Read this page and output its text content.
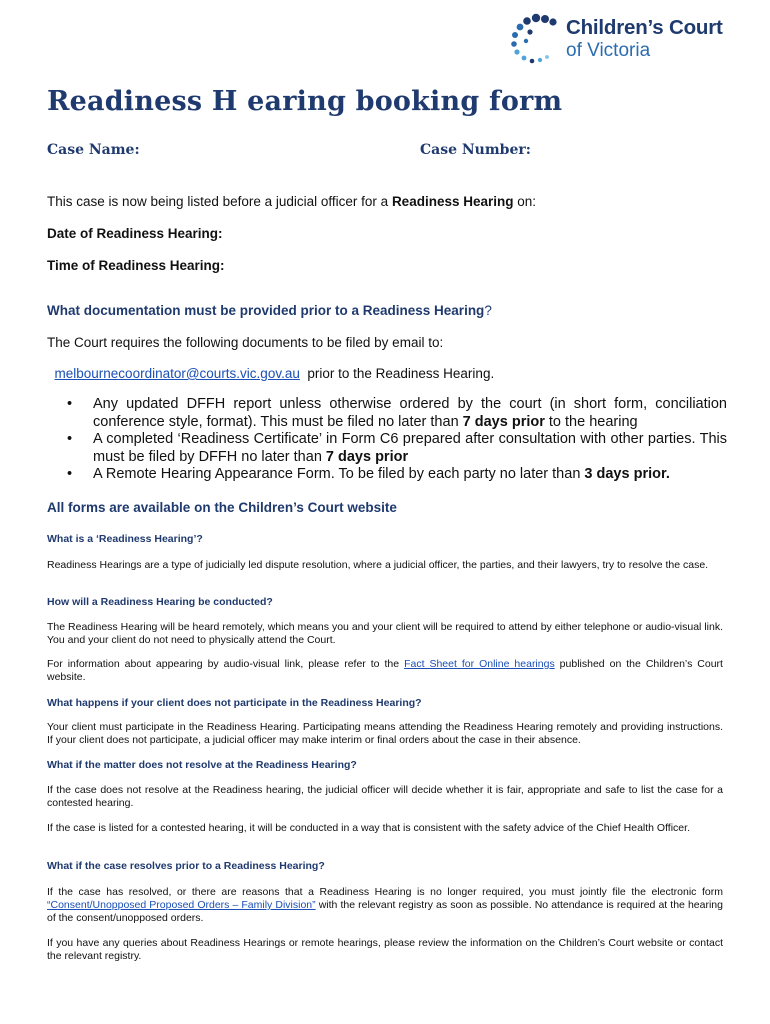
Children’s Court
of Victoria
Readiness H earing booking form
Case Name:	Case Number:
This case is now being listed before a judicial officer for a Readiness Hearing on:
Date of Readiness Hearing:
Time of Readiness Hearing:
What documentation must be provided prior to a Readiness Hearing?
The Court requires the following documents to be filed by email to:

melbournecoordinator@courts.vic.gov.au  prior to the Readiness Hearing.

• Any updated DFFH report unless otherwise ordered by the court (in short form, conciliation conference style, format). This must be filed no later than 7 days prior to the hearing
• A completed ‘Readiness Certificate’ in Form C6 prepared after consultation with other parties. This must be filed by DFFH no later than 7 days prior
• A Remote Hearing Appearance Form. To be filed by each party no later than 3 days prior.
All forms are available on the Children’s Court website
What is a ‘Readiness Hearing’?
Readiness Hearings are a type of judicially led dispute resolution, where a judicial officer, the parties, and their lawyers, try to resolve the case.
How will a Readiness Hearing be conducted?
The Readiness Hearing will be heard remotely, which means you and your client will be required to attend by either telephone or audio-visual link. You and your client do not need to physically attend the Court.
For information about appearing by audio-visual link, please refer to the Fact Sheet for Online hearings published on the Children’s Court website.
What happens if your client does not participate in the Readiness Hearing?
Your client must participate in the Readiness Hearing. Participating means attending the Readiness Hearing remotely and providing instructions. If your client does not participate, a judicial officer may make interim or final orders about the case in their absence.
What if the matter does not resolve at the Readiness Hearing?
If the case does not resolve at the Readiness hearing, the judicial officer will decide whether it is fair, appropriate and safe to list the case for a contested hearing.
If the case is listed for a contested hearing, it will be conducted in a way that is consistent with the safety advice of the Chief Health Officer.
What if the case resolves prior to a Readiness Hearing?
If the case has resolved, or there are reasons that a Readiness Hearing is no longer required, you must jointly file the electronic form “Consent/Unopposed Proposed Orders – Family Division” with the relevant registry as soon as possible. No attendance is required at the hearing of the consent/unopposed orders.
If you have any queries about Readiness Hearings or remote hearings, please review the information on the Children’s Court website or contact the relevant registry.
